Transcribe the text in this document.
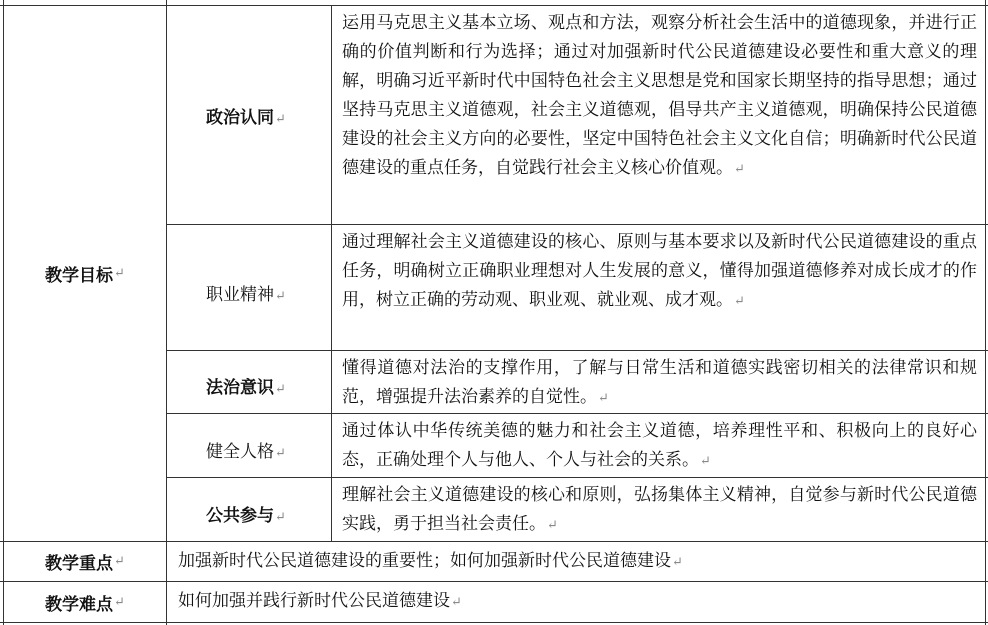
教学目标 ↵
政治认同↵
运用马克思主义基本立场、观点和方法，观察分析社会生活中的道德现象，并进行正确的价值判断和行为选择；通过对加强新时代公民道德建设必要性和重大意义的理解，明确习近平新时代中国特色社会主义思想是党和国家长期坚持的指导思想；通过坚持马克思主义道德观，社会主义道德观，倡导共产主义道德观，明确保持公民道德建设的社会主义方向的必要性，坚定中国特色社会主义文化自信；明确新时代公民道德建设的重点任务，自觉践行社会主义核心价值观。↵
职业精神↵
通过理解社会主义道德建设的核心、原则与基本要求以及新时代公民道德建设的重点任务，明确树立正确职业理想对人生发展的意义，懂得加强道德修养对成长成才的作用，树立正确的劳动观、职业观、就业观、成才观。↵
法治意识↵
懂得道德对法治的支撑作用，了解与日常生活和道德实践密切相关的法律常识和规范，增强提升法治素养的自觉性。↵
健全人格↵
通过体认中华传统美德的魅力和社会主义道德，培养理性平和、积极向上的良好心态，正确处理个人与他人、个人与社会的关系。↵
公共参与↵
理解社会主义道德建设的核心和原则，弘扬集体主义精神，自觉参与新时代公民道德实践，勇于担当社会责任。↵
教学重点 ↵	加强新时代公民道德建设的重要性；如何加强新时代公民道德建设↵
教学难点 ↵	如何加强并践行新时代公民道德建设↵
